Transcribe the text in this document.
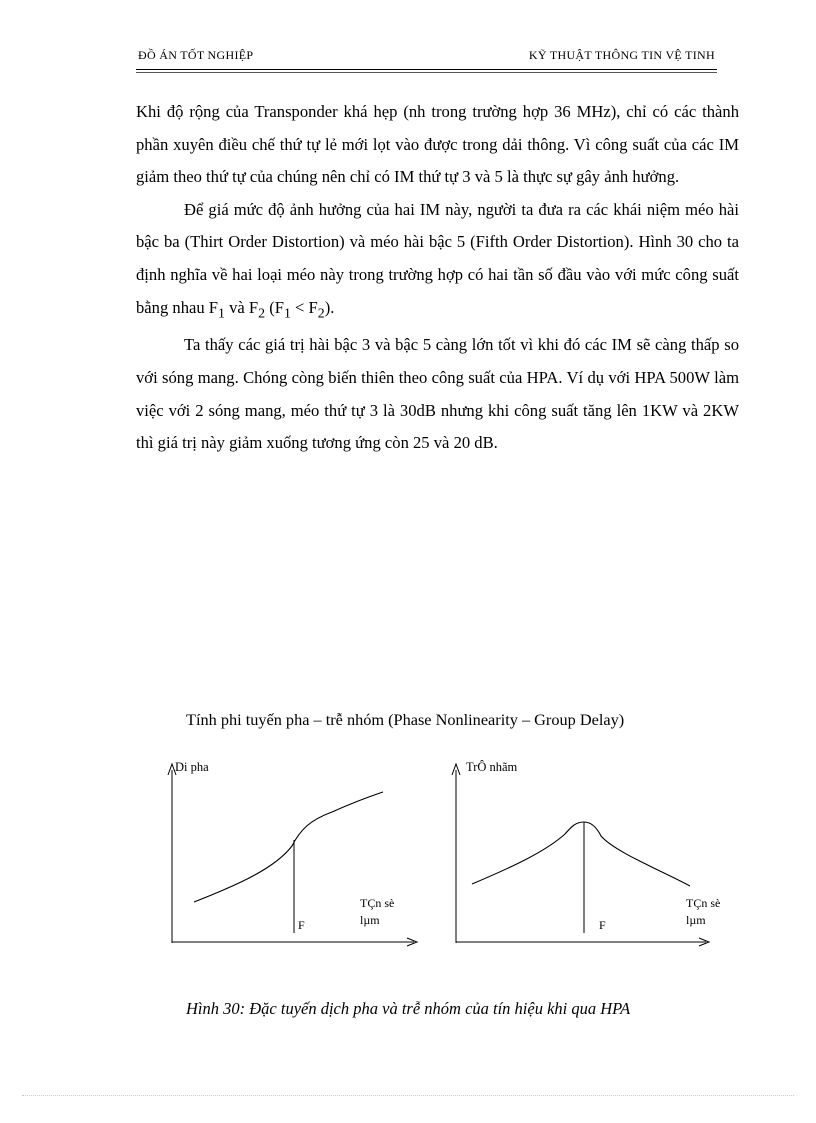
ĐỒ ÁN TỐT NGHIỆP	KỸ THUẬT THÔNG TIN VỆ TINH

Khi độ rộng của Transponder khá hẹp (nh trong trường hợp 36 MHz), chỉ có các thành phần xuyên điều chế thứ tự lẻ mới lọt vào được trong dải thông. Vì công suất của các IM giảm theo thứ tự của chúng nên chỉ có IM thứ tự 3 và 5 là thực sự gây ảnh hưởng.

Để giá mức độ ảnh hưởng của hai IM này, người ta đưa ra các khái niệm méo hài bậc ba (Thirt Order Distortion) và méo hài bậc 5 (Fifth Order Distortion). Hình 30 cho ta định nghĩa về hai loại méo này trong trường hợp có hai tần số đầu vào với mức công suất bằng nhau $F_1$ và $F_2$ $(F_1 < F_2)$.

Ta thấy các giá trị hài bậc 3 và bậc 5 càng lớn tốt vì khi đó các IM sẽ càng thấp so với sóng mang. Chóng còng biến thiên theo công suất của HPA. Ví dụ với HPA 500W làm việc với 2 sóng mang, méo thứ tự 3 là 30dB nhưng khi công suất tăng lên 1KW và 2KW thì giá trị này giảm xuống tương ứng còn 25 và 20 dB.

Tính phi tuyến pha – trễ nhóm (Phase Nonlinearity – Group Delay)
Di pha
TÇn sè
lµm
F
TrÔ nhãm
TÇn sè
lµm
F
Hình 30: Đặc tuyến dịch pha và trễ nhóm của tín hiệu khi qua HPA
